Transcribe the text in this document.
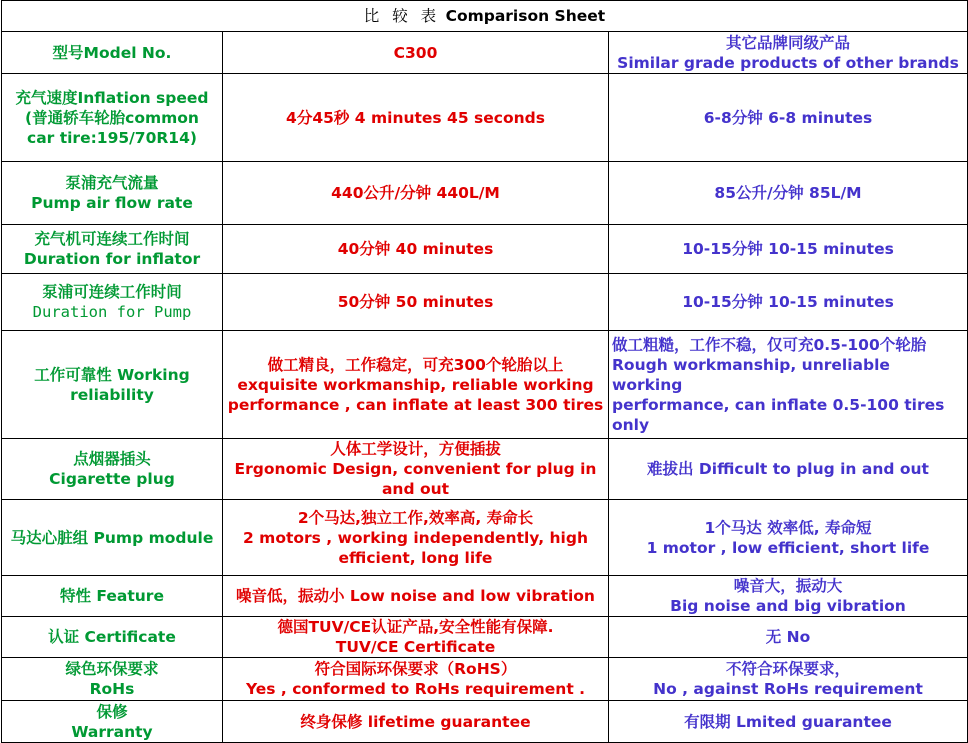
比 较 表 Comparison Sheet		
型号Model No.	C300	其它品牌同级产品
Similar grade products of other brands

充气速度Inflation speed
(普通轿车轮胎common
car tire:195/70R14)	4分45秒 4 minutes 45 seconds	6-8分钟 6-8 minutes

泵浦充气流量
Pump air flow rate	440公升/分钟 440L/M	85公升/分钟 85L/M

充气机可连续工作时间
Duration for inflator	40分钟 40 minutes	10-15分钟 10-15 minutes

泵浦可连续工作时间
Duration for Pump	50分钟 50 minutes	10-15分钟 10-15 minutes

工作可靠性 Working
reliability	做工精良，工作稳定，可充300个轮胎以上
exquisite workmanship, reliable working
performance , can inflate at least 300 tires	做工粗糙，工作不稳，仅可充0.5-100个轮胎
Rough workmanship, unreliable working
performance, can inflate 0.5-100 tires
only

点烟器插头
Cigarette plug	人体工学设计，方便插拔
Ergonomic Design, convenient for plug in
and out	难拔出 Difficult to plug in and out

马达心脏组 Pump module	2个马达,独立工作,效率高, 寿命长
2 motors , working independently, high
efficient, long life	1个马达 效率低, 寿命短
1 motor , low efficient, short life

特性 Feature	噪音低，振动小 Low noise and low vibration	噪音大，振动大
Big noise and big vibration

认证 Certificate	德国TUV/CE认证产品,安全性能有保障.
TUV/CE Certificate	无 No

绿色环保要求
RoHs	符合国际环保要求（RoHS）
Yes , conformed to RoHs requirement .	不符合环保要求，
No , against RoHs requirement

保修
Warranty	终身保修 lifetime guarantee	有限期 Lmited guarantee
